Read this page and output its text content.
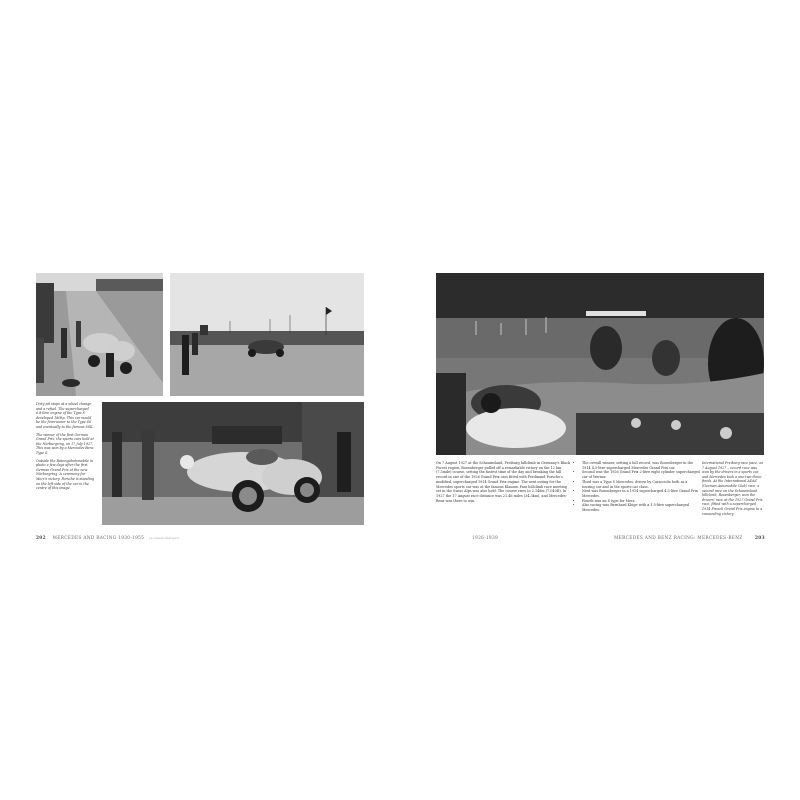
Dirty pit stops at a wheel change and a refuel. The supercharged 6.8-litre engine of the Type S developed 180hp. This car would be the forerunner to the Type SS and eventually to the famous SSK.

The winner of the first German Grand Prix, the sports cars held at the Nürburgring, on 17 July 1927. This was won by a Mercedes-Benz Type S.

Outside the Rutengebotsmobile in photo a few days after the first German Grand Prix at the new Nürburgring. A ceremony for Merz's victory. Porsche is standing on the left side of the car in the centre of this image.

202 MERCEDES AND RACING 1930-1955 (a supercharger)
On 7 August 1927 at the Schauinsland, Freiburg hillclimb in Germany's Black Forest region, Rosenberger pulled off a remarkable victory on the 12 km (7.5mile) course, setting the fastest time of the day and breaking the hill record in one of the 1926 Grand Prix cars fitted with Ferdinand Porsche's modified, supercharged 1914 Grand Prix engine. The next outing for the Mercedes sports car was at the famous Klausen Pass hillclimb race meeting set in the Swiss Alps was also held. The course rises to 2,148m (7,040ft). In 1927 the 17 August race distance was 21.46 miles (34.3km), and Mercedes-Benz was there to win.
• The overall winner, setting a hill record, was Rosenberger in the 1914 4.5-litre supercharged Mercedes Grand Prix car.
• Second was the 1926 Grand Prix 2-litre eight cylinder supercharged car of Werner.
• Third was a Type S Mercedes, driven by Caracciola both as a touring car and in the sports car class.
• Next was Rosenberger in a 1914 supercharged 4.5-litre Grand Prix Mercedes.
• Fourth was an S type for Merz.
• Also racing was Bernhard Kluge with a 1.5-litre supercharged Mercedes.
International Freiburg race pace, on 7 August 1927 – record race was won by the drivers in a sports car, and Mercedes took a one-two-three finish. At the International ADAC (German Automobile Club) race, a second race on the Schauinsland hillclimb, Rosenberger, won the drivers' race at the 1927 Grand Prix race, fitted with a supercharged 1914 French Grand Prix engine to a resounding victory.
1926-1939	MERCEDES AND BENZ RACING: MERCEDES-BENZ	203
